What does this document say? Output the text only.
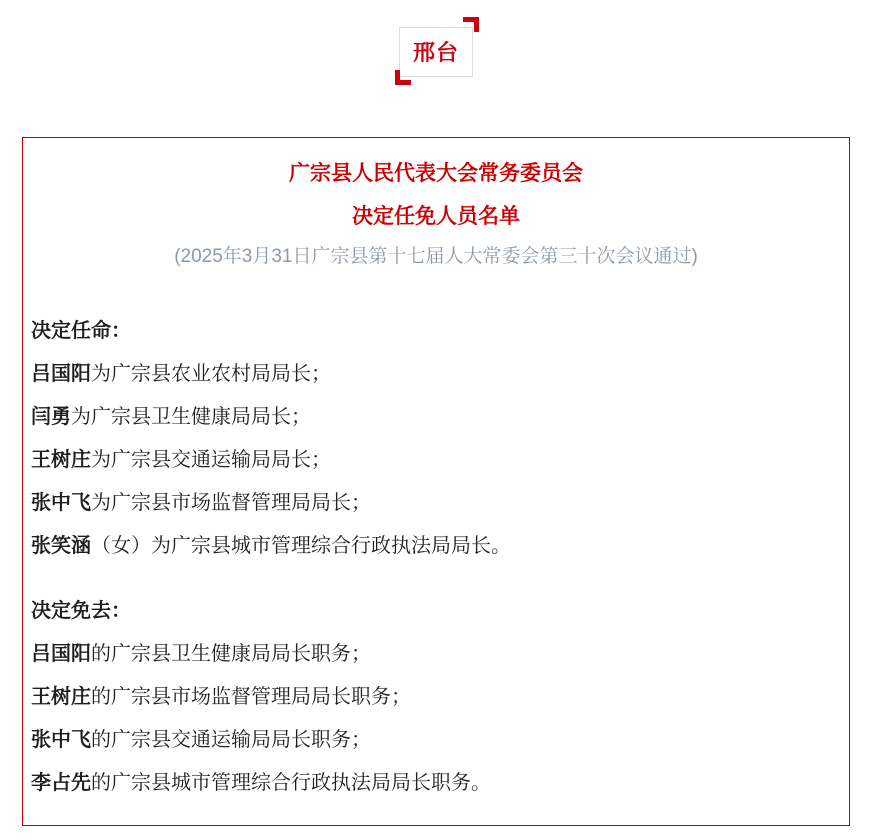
邢台
广宗县人民代表大会常务委员会
决定任免人员名单

(2025年3月31日广宗县第十七届人大常委会第三十次会议通过)

决定任命：

吕国阳为广宗县农业农村局局长；

闫勇为广宗县卫生健康局局长；

王树庄为广宗县交通运输局局长；

张中飞为广宗县市场监督管理局局长；

张笑涵（女）为广宗县城市管理综合行政执法局局长。

决定免去：

吕国阳的广宗县卫生健康局局长职务；

王树庄的广宗县市场监督管理局局长职务；

张中飞的广宗县交通运输局局长职务；

李占先的广宗县城市管理综合行政执法局局长职务。
